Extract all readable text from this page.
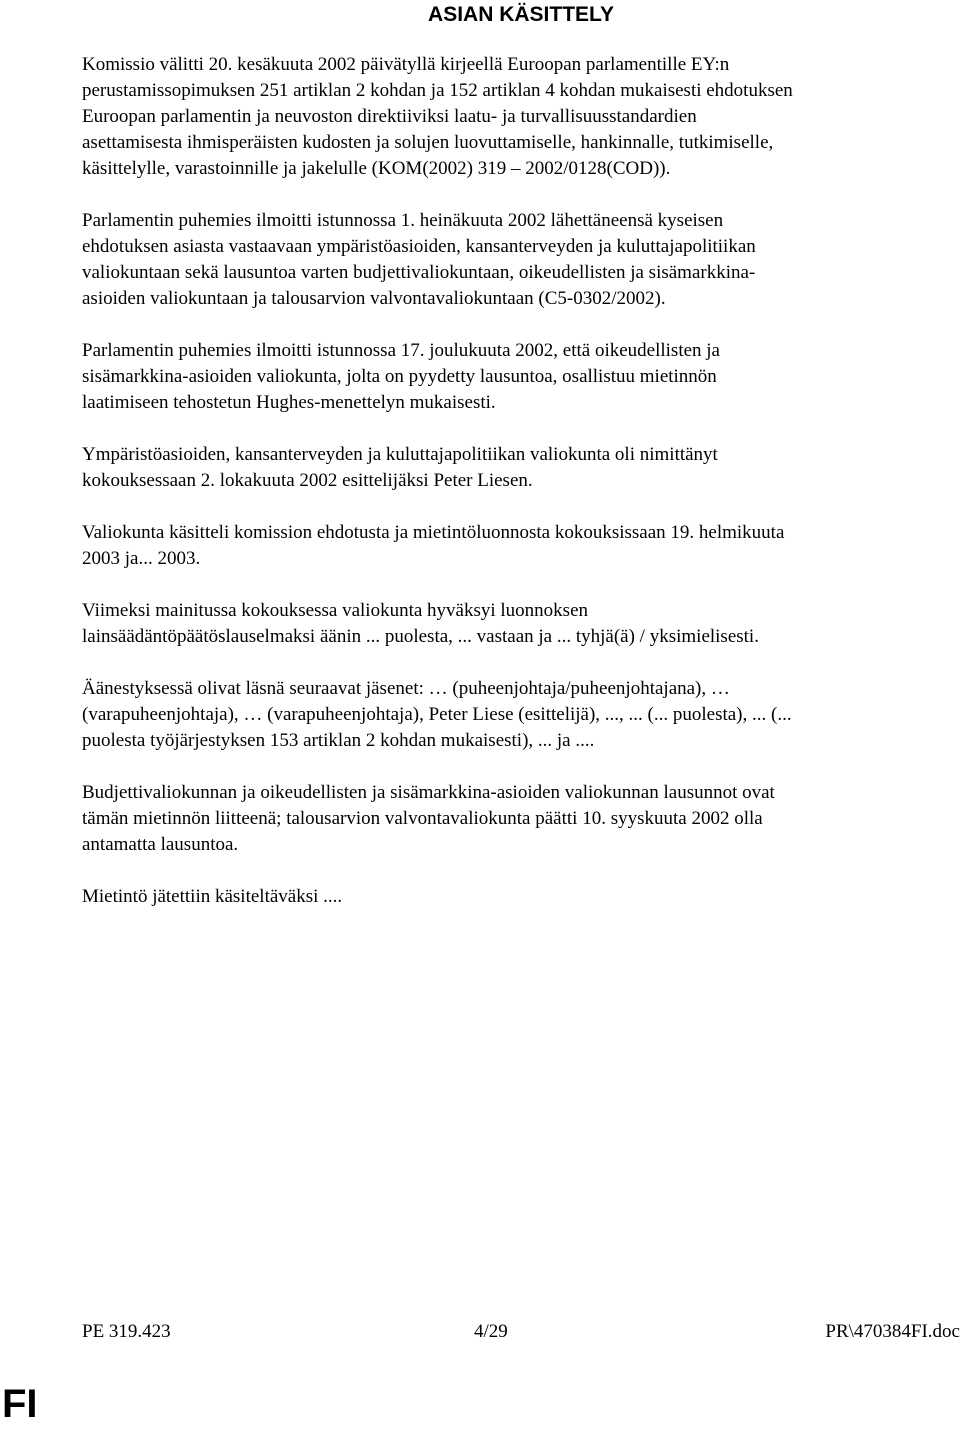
ASIAN KÄSITTELY

Komissio välitti 20. kesäkuuta 2002 päivätyllä kirjeellä Euroopan parlamentille EY:n
perustamissopimuksen 251 artiklan 2 kohdan ja 152 artiklan 4 kohdan mukaisesti ehdotuksen
Euroopan parlamentin ja neuvoston direktiiviksi laatu- ja turvallisuusstandardien
asettamisesta ihmisperäisten kudosten ja solujen luovuttamiselle, hankinnalle, tutkimiselle,
käsittelylle, varastoinnille ja jakelulle (KOM(2002) 319 – 2002/0128(COD)).

Parlamentin puhemies ilmoitti istunnossa 1. heinäkuuta 2002 lähettäneensä kyseisen
ehdotuksen asiasta vastaavaan ympäristöasioiden, kansanterveyden ja kuluttajapolitiikan
valiokuntaan sekä lausuntoa varten budjettivaliokuntaan, oikeudellisten ja sisämarkkina-
asioiden valiokuntaan ja talousarvion valvontavaliokuntaan (C5-0302/2002).

Parlamentin puhemies ilmoitti istunnossa 17. joulukuuta 2002, että oikeudellisten ja
sisämarkkina-asioiden valiokunta, jolta on pyydetty lausuntoa, osallistuu mietinnön
laatimiseen tehostetun Hughes-menettelyn mukaisesti.

Ympäristöasioiden, kansanterveyden ja kuluttajapolitiikan valiokunta oli nimittänyt
kokouksessaan 2. lokakuuta 2002 esittelijäksi Peter Liesen.

Valiokunta käsitteli komission ehdotusta ja mietintöluonnosta kokouksissaan 19. helmikuuta
2003 ja... 2003.

Viimeksi mainitussa kokouksessa valiokunta hyväksyi luonnoksen
lainsäädäntöpäätöslauselmaksi äänin ... puolesta, ... vastaan ja ... tyhjä(ä) / yksimielisesti.

Äänestyksessä olivat läsnä seuraavat jäsenet: … (puheenjohtaja/puheenjohtajana), …
(varapuheenjohtaja), … (varapuheenjohtaja), Peter Liese (esittelijä), ..., ... (... puolesta), ... (...
puolesta työjärjestyksen 153 artiklan 2 kohdan mukaisesti), ... ja ....

Budjettivaliokunnan ja oikeudellisten ja sisämarkkina-asioiden valiokunnan lausunnot ovat
tämän mietinnön liitteenä; talousarvion valvontavaliokunta päätti 10. syyskuuta 2002 olla
antamatta lausuntoa.

Mietintö jätettiin käsiteltäväksi ....

PE 319.423	4/29	PR\470384FI.doc
FI
